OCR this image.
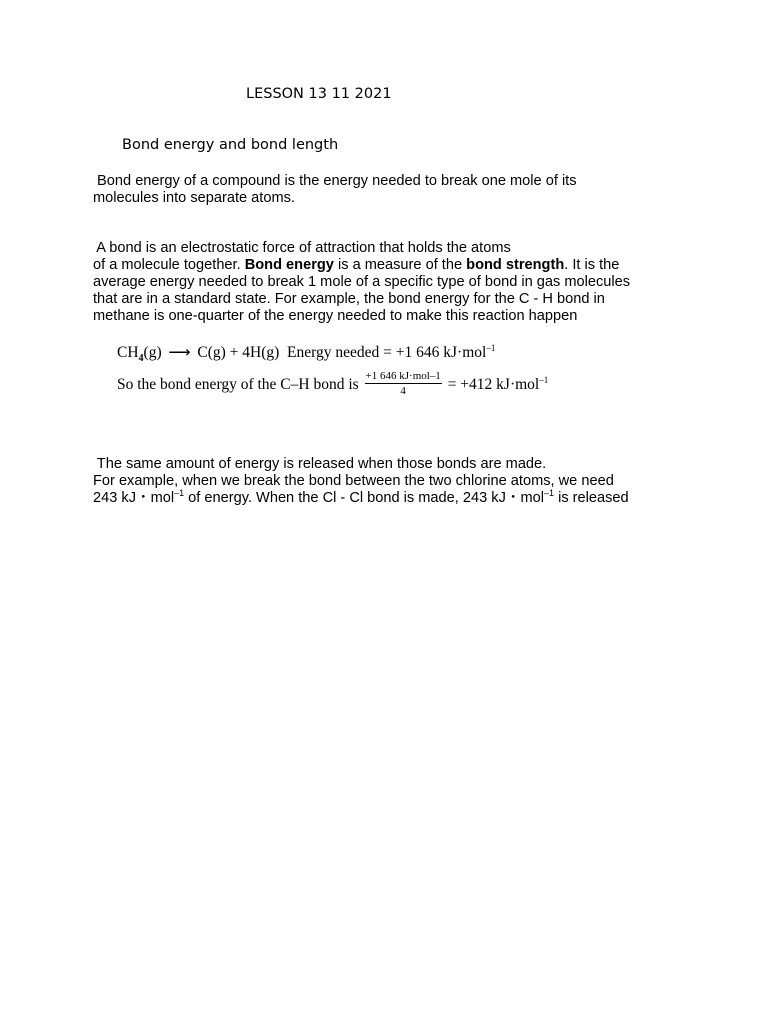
LESSON 13 11 2021
Bond energy and bond length
Bond energy of a compound is the energy needed to break one mole of its
molecules into separate atoms.
A bond is an electrostatic force of attraction that holds the atoms
of a molecule together. Bond energy is a measure of the bond strength. It is the
average energy needed to break 1 mole of a specific type of bond in gas molecules
that are in a standard state. For example, the bond energy for the C - H bond in
methane is one-quarter of the energy needed to make this reaction happen
$CH_4(g)$ ⟶ C(g) + 4H(g) Energy needed = +1 646 kJ·mol$^{-1}$
So the bond energy of the C–H bond is $\frac{\text{+1 646 kJ·mol–1}}{4} = +412$ kJ·mol$^{-1}$
The same amount of energy is released when those bonds are made.
For example, when we break the bond between the two chlorine atoms, we need
243 kJ・mol$^{-1}$ of energy. When the Cl - Cl bond is made, 243 kJ・mol$^{-1}$ is released
